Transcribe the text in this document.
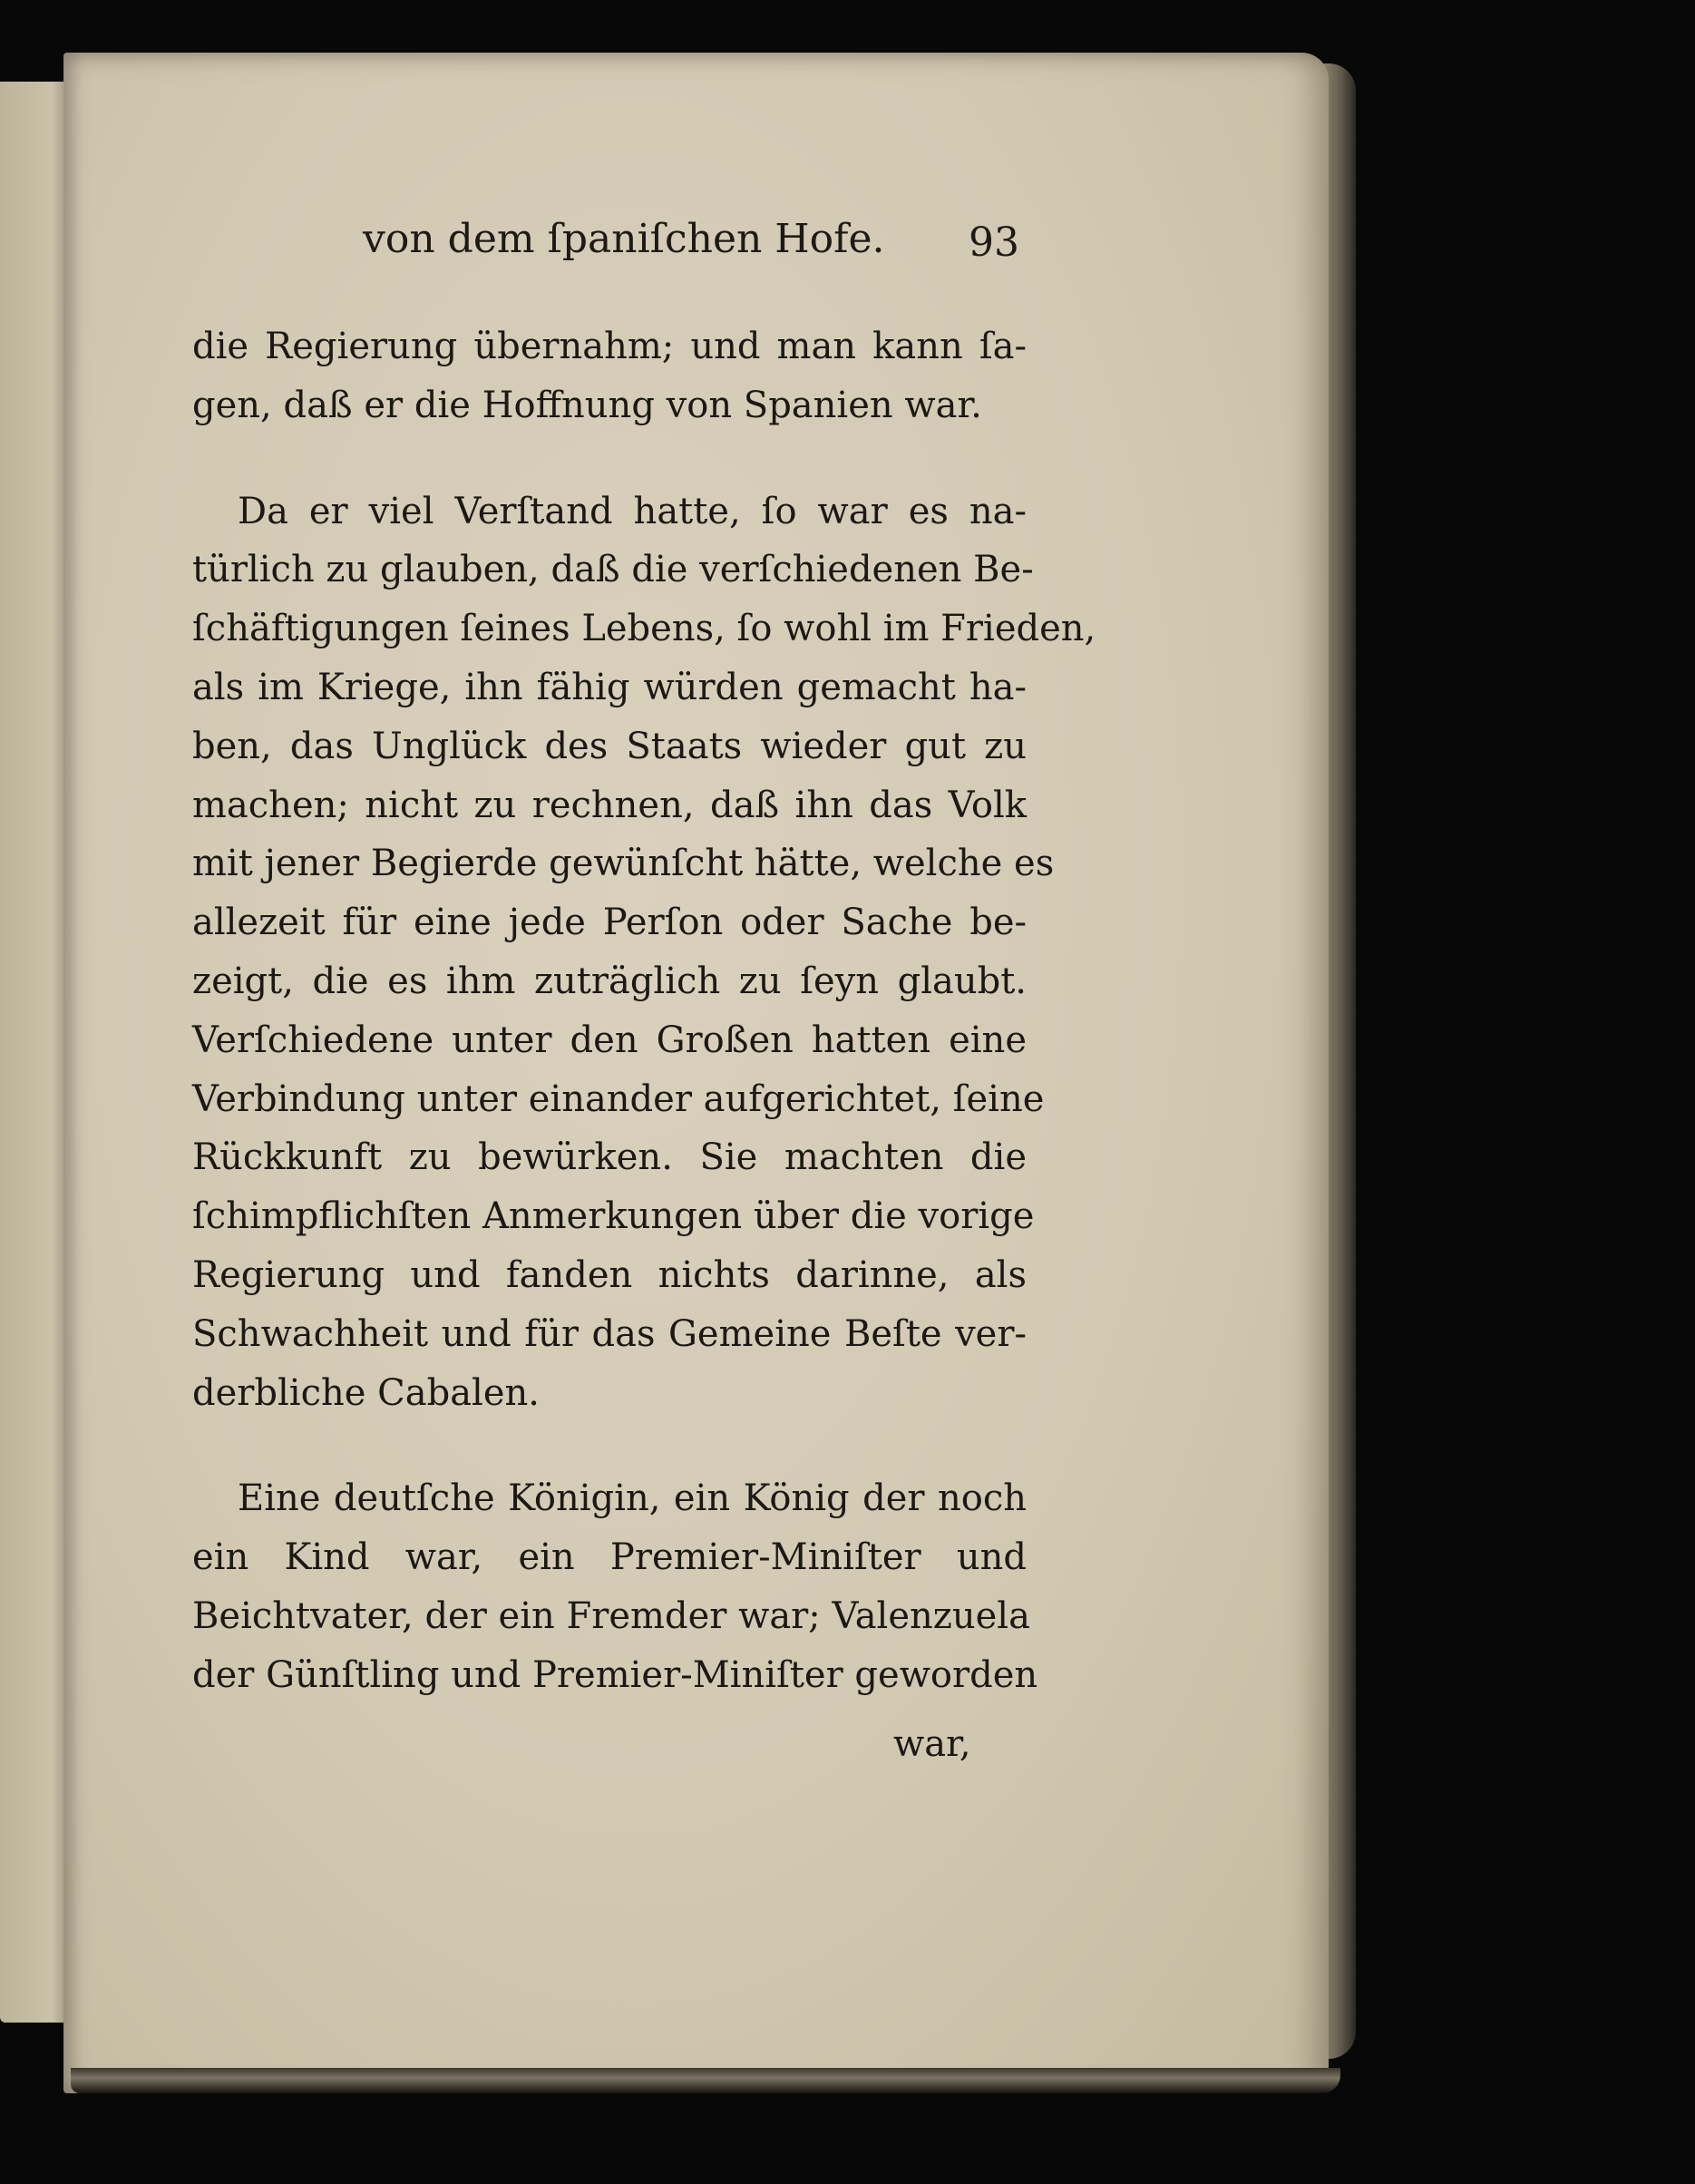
von dem ſpaniſchen Hofe. 93
die Regierung übernahm; und man kann ſa-
gen, daß er die Hoffnung von Spanien war.
Da er viel Verſtand hatte, ſo war es na-
türlich zu glauben, daß die verſchiedenen Be-
ſchäftigungen ſeines Lebens, ſo wohl im Frieden,
als im Kriege, ihn fähig würden gemacht ha-
ben, das Unglück des Staats wieder gut zu
machen; nicht zu rechnen, daß ihn das Volk
mit jener Begierde gewünſcht hätte, welche es
allezeit für eine jede Perſon oder Sache be-
zeigt, die es ihm zuträglich zu ſeyn glaubt.
Verſchiedene unter den Großen hatten eine
Verbindung unter einander aufgerichtet, ſeine
Rückkunft zu bewürken. Sie machten die
ſchimpflichſten Anmerkungen über die vorige
Regierung und fanden nichts darinne, als
Schwachheit und für das Gemeine Beſte ver-
derbliche Cabalen.
Eine deutſche Königin, ein König der noch
ein Kind war, ein Premier-Miniſter und
Beichtvater, der ein Fremder war; Valenzuela
der Günſtling und Premier-Miniſter geworden
war,
